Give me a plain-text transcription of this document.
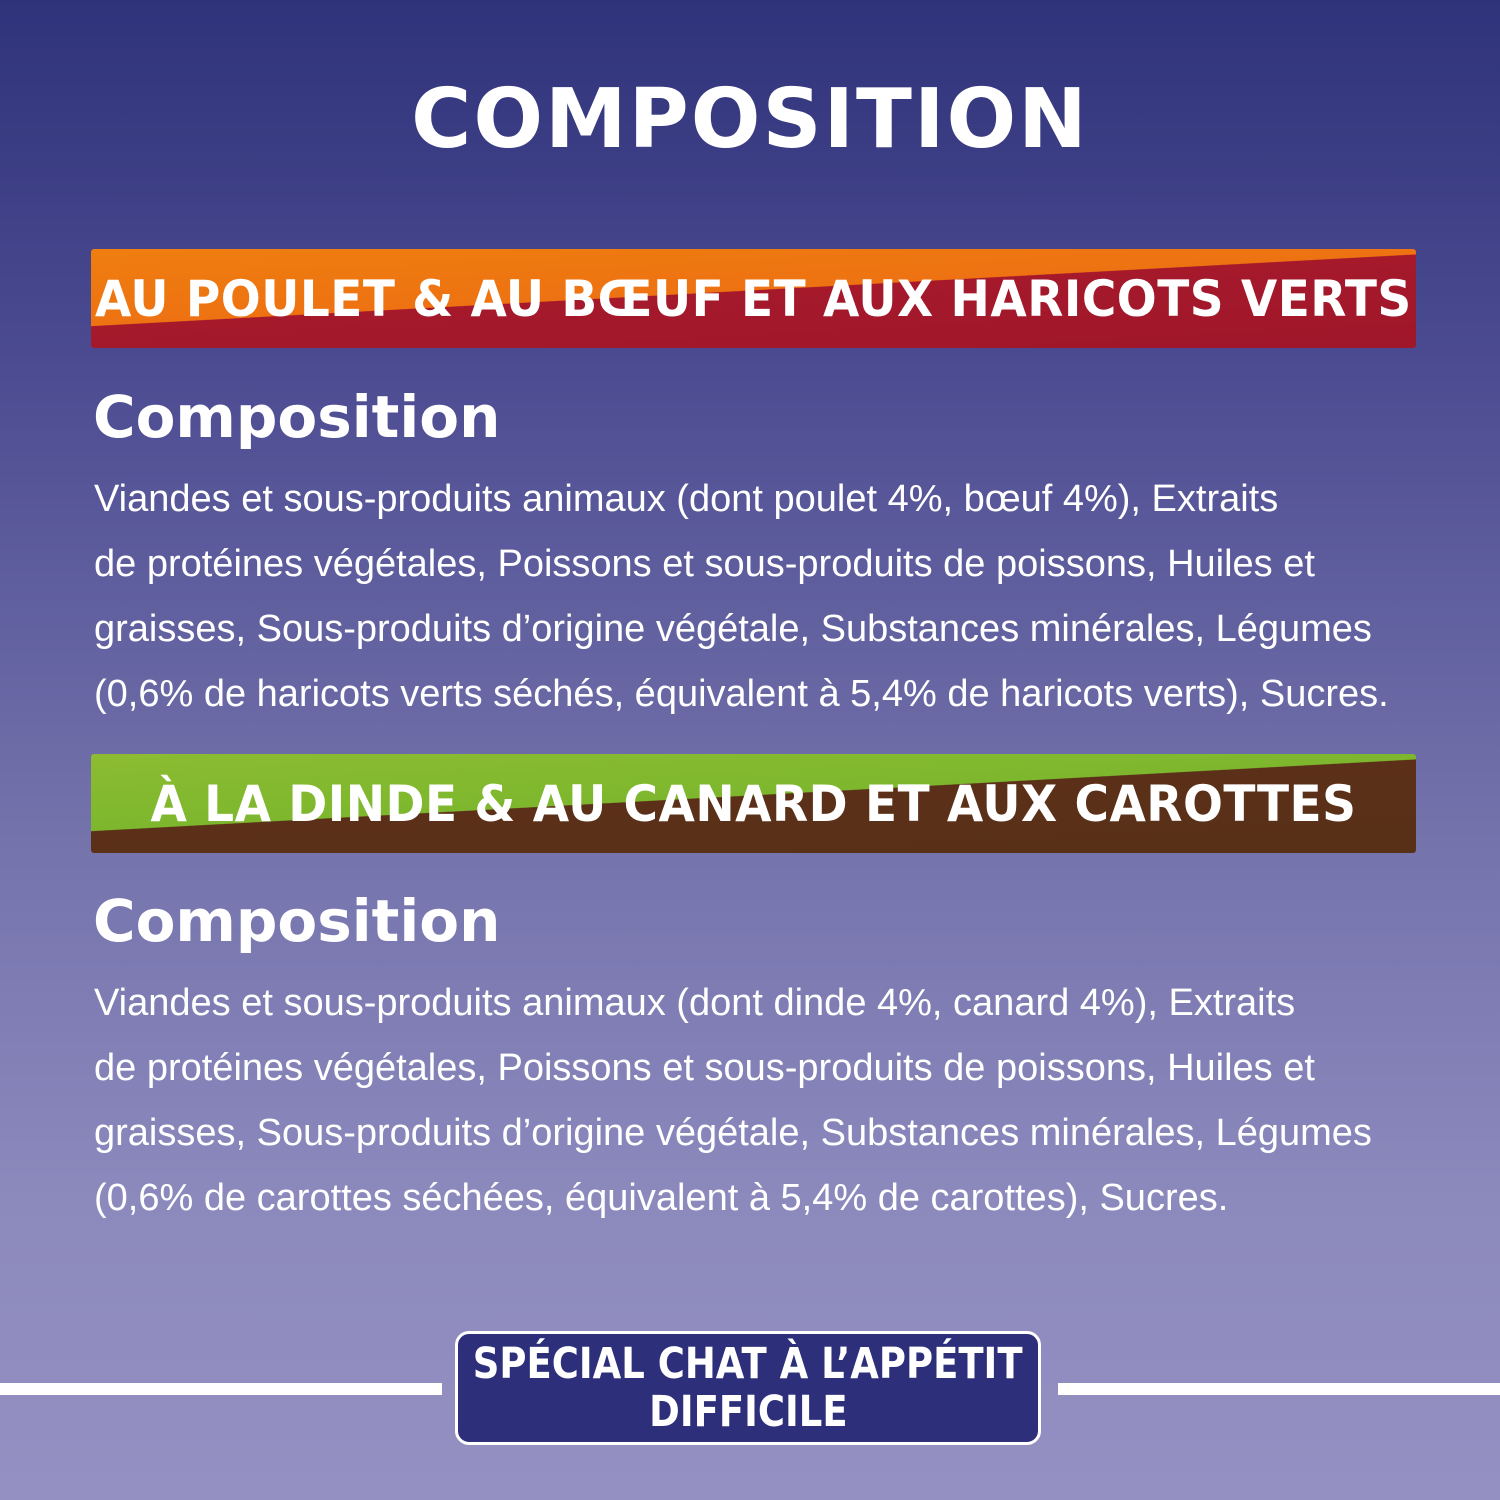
COMPOSITION
AU POULET & AU BŒUF ET AUX HARICOTS VERTS
Composition

Viandes et sous-produits animaux (dont poulet 4%, bœuf 4%), Extraits
de protéines végétales, Poissons et sous-produits de poissons, Huiles et
graisses, Sous-produits d’origine végétale, Substances minérales, Légumes
(0,6% de haricots verts séchés, équivalent à 5,4% de haricots verts), Sucres.

À LA DINDE & AU CANARD ET AUX CAROTTES
Composition

Viandes et sous-produits animaux (dont dinde 4%, canard 4%), Extraits
de protéines végétales, Poissons et sous-produits de poissons, Huiles et
graisses, Sous-produits d’origine végétale, Substances minérales, Légumes
(0,6% de carottes séchées, équivalent à 5,4% de carottes), Sucres.

SPÉCIAL CHAT À L’APPÉTIT
DIFFICILE
